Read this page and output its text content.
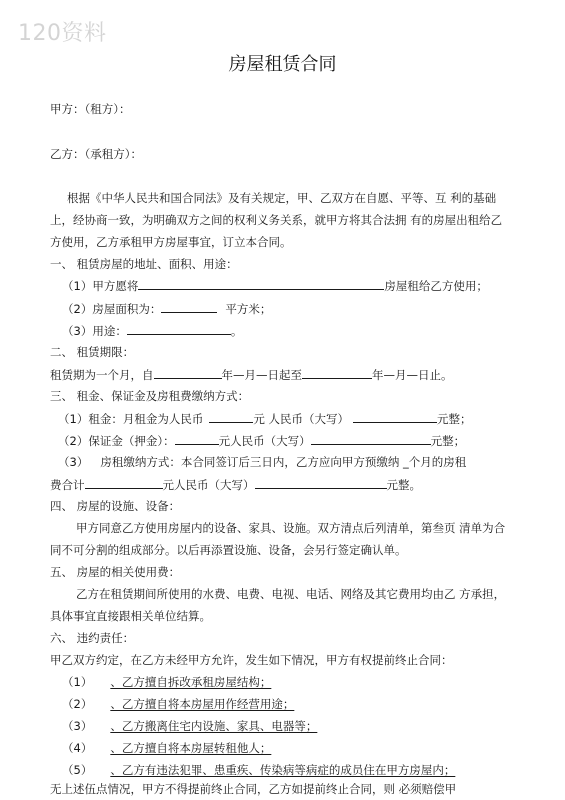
120资料
房屋租赁合同
甲方：（租方）：
乙方：（承租方）：
根据《中华人民共和国合同法》及有关规定，甲、乙双方在自愿、平等、互 利的基础
上，经协商一致，为明确双方之间的权利义务关系，就甲方将其合法拥 有的房屋出租给乙
方使用，乙方承租甲方房屋事宜，订立本合同。
一、 租赁房屋的地址、面积、用途：
（1）甲方愿将	房屋租给乙方使用；
（2）房屋面积为：	平方米；
（3）用途：	。
二、 租赁期限：
租赁期为一个月，自	年—月—日起至	年—月—日止。
三、 租金、保证金及房租费缴纳方式：
（1）租金：月租金为人民币	元 人民币（大写）	元整；
（2）保证金（押金）：	元人民币（大写）	元整；
（3） 房租缴纳方式：本合同签订后三日内，乙方应向甲方预缴纳 _个月的房租
费合计	元人民币（大写）	元整。
四、 房屋的设施、设备：
甲方同意乙方使用房屋内的设备、家具、设施。双方清点后列清单，第叁页 清单为合
同不可分割的组成部分。以后再添置设施、设备，会另行签定确认单。
五、 房屋的相关使用费：
乙方在租赁期间所使用的水费、电费、电视、电话、网络及其它费用均由乙 方承担，
具体事宜直接跟相关单位结算。
六、 违约责任：
甲乙双方约定，在乙方未经甲方允许，发生如下情况，甲方有权提前终止合同：
（1） 、乙方擅自拆改承租房屋结构；
（2） 、乙方擅自将本房屋用作经营用途；
（3） 、乙方搬离住宅内设施、家具、电器等；
（4） 、乙方擅自将本房屋转租他人；
（5） 、乙方有违法犯罪、患重疾、传染病等病症的成员住在甲方房屋内；
无上述伍点情况，甲方不得提前终止合同，乙方如提前终止合同，则 必须赔偿甲
